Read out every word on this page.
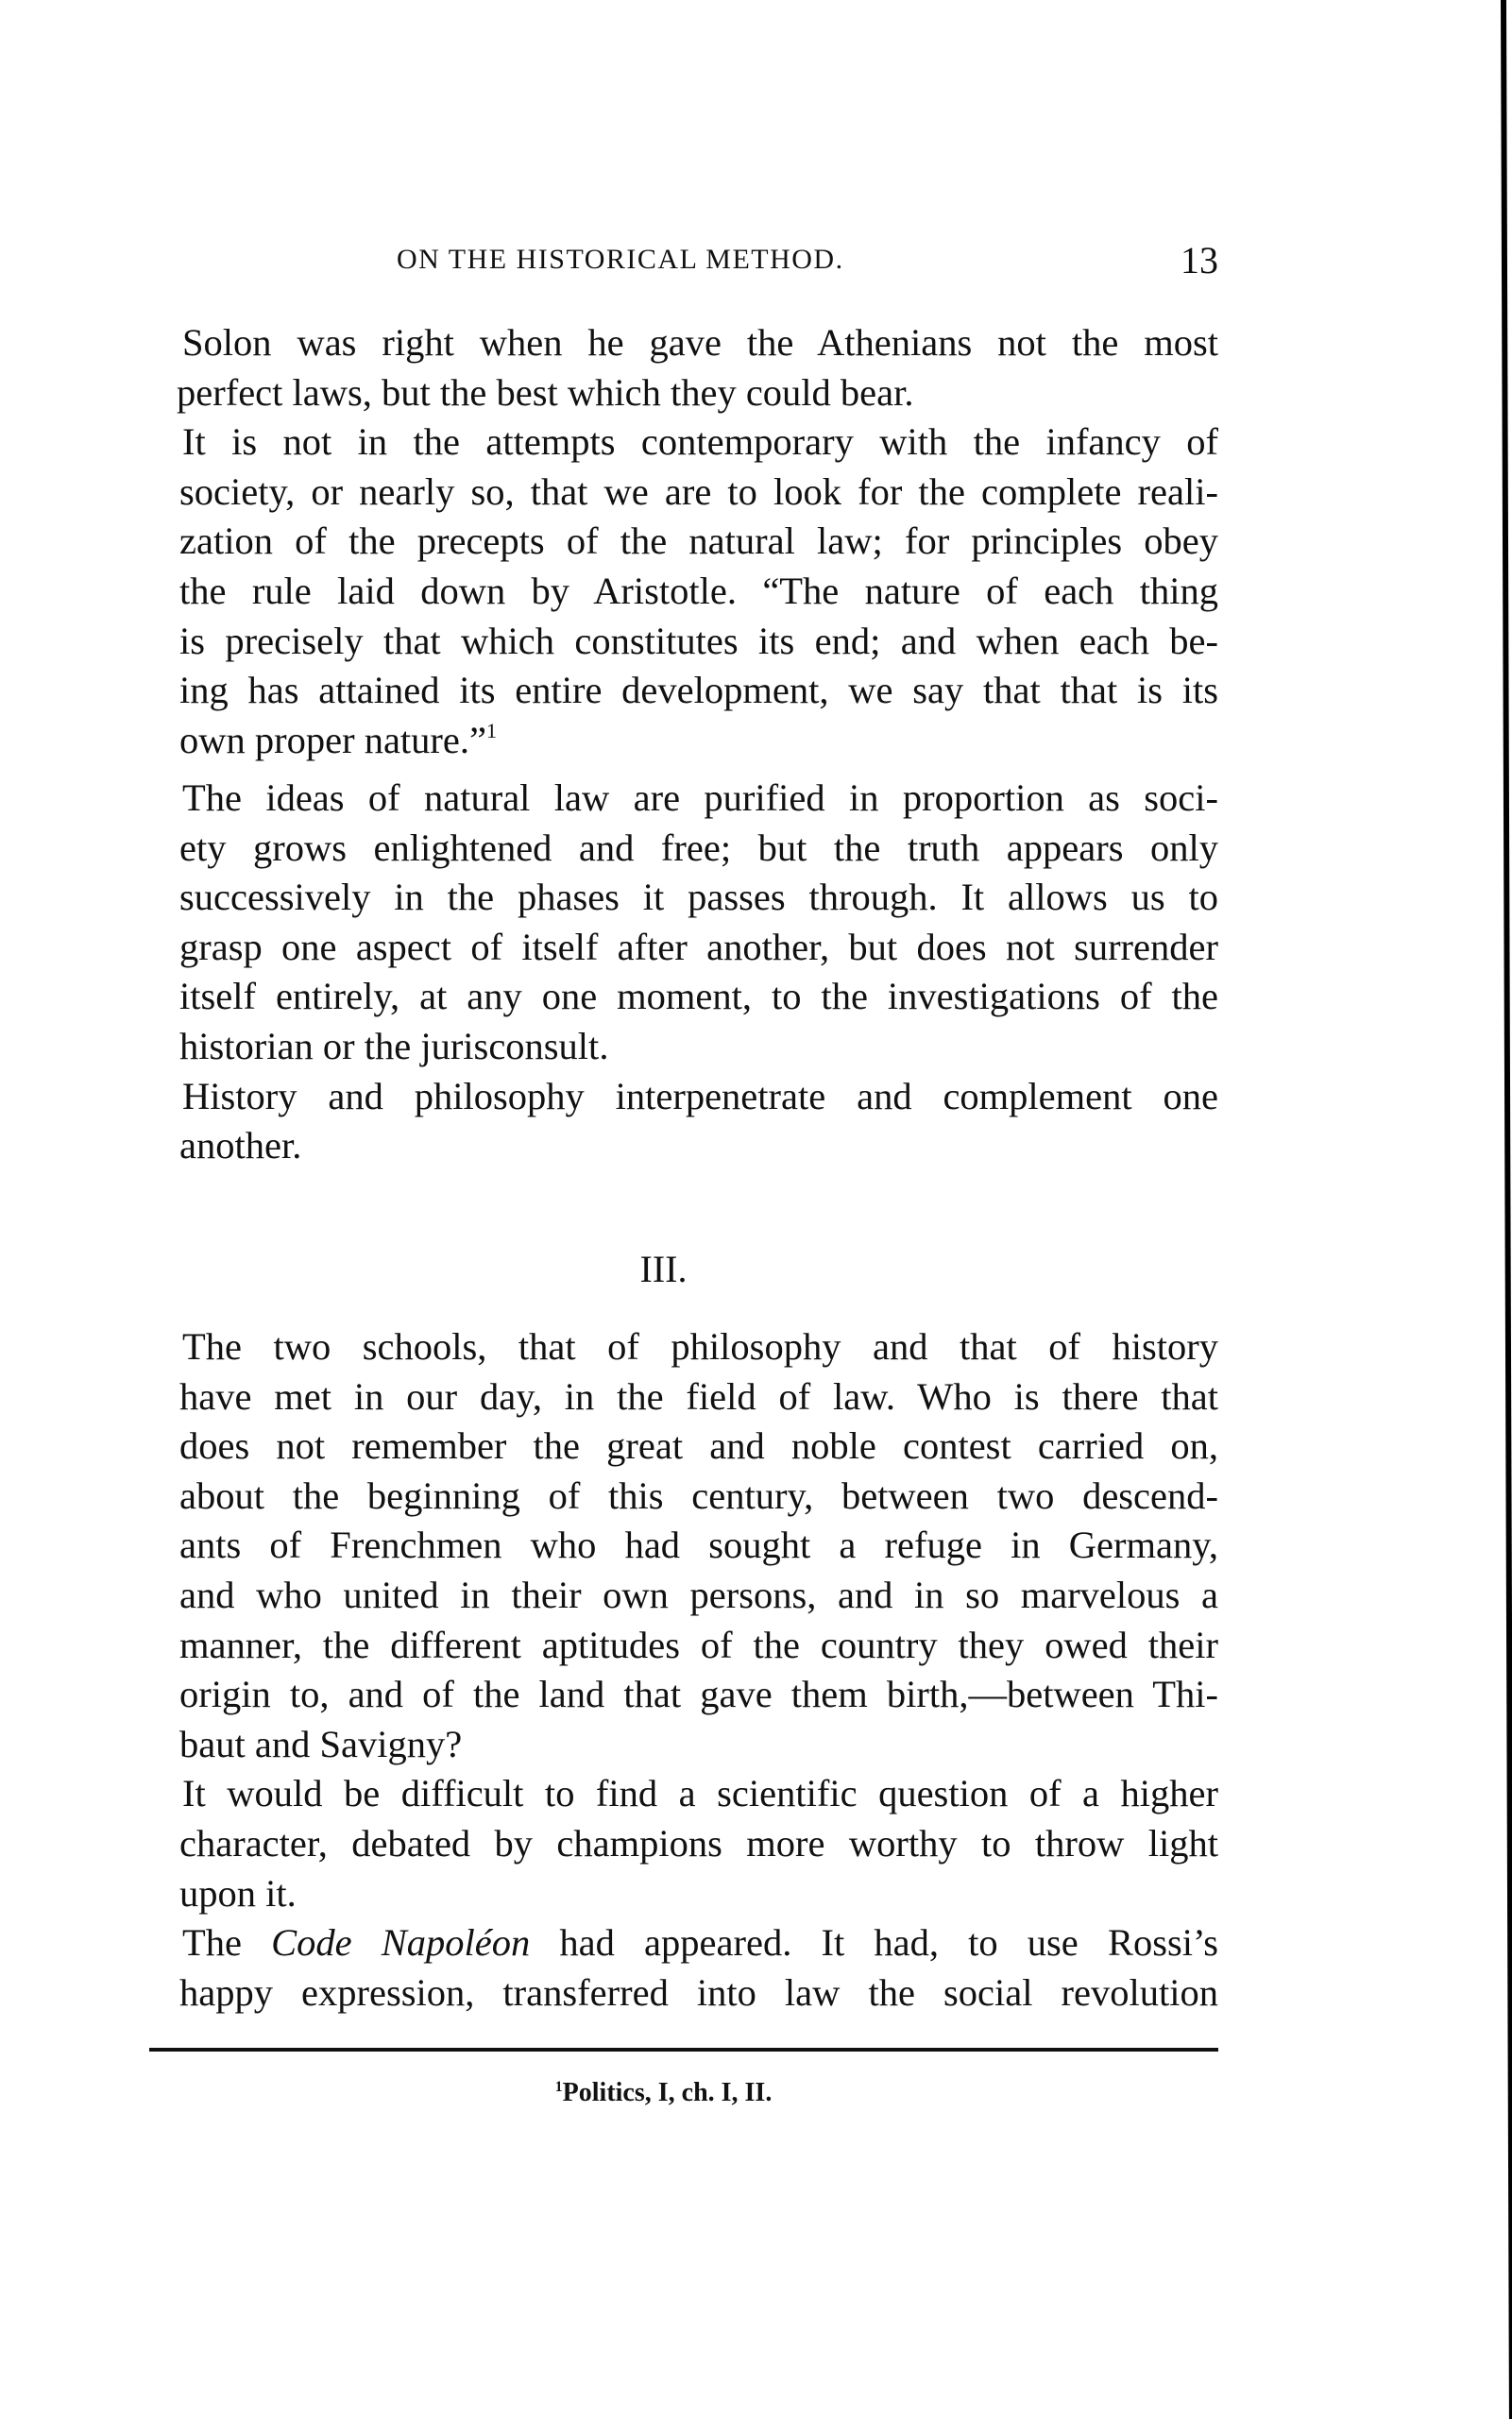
ON THE HISTORICAL METHOD.	13

Solon was right when he gave the Athenians not the most
perfect laws, but the best which they could bear.

It is not in the attempts contemporary with the infancy of
society, or nearly so, that we are to look for the complete reali-
zation of the precepts of the natural law; for principles obey
the rule laid down by Aristotle. “The nature of each thing
is precisely that which constitutes its end; and when each be-
ing has attained its entire development, we say that that is its
own proper nature.”$^1$

The ideas of natural law are purified in proportion as soci-
ety grows enlightened and free; but the truth appears only
successively in the phases it passes through. It allows us to
grasp one aspect of itself after another, but does not surrender
itself entirely, at any one moment, to the investigations of the
historian or the jurisconsult.

History and philosophy interpenetrate and complement one
another.

III.

The two schools, that of philosophy and that of history
have met in our day, in the field of law. Who is there that
does not remember the great and noble contest carried on,
about the beginning of this century, between two descend-
ants of Frenchmen who had sought a refuge in Germany,
and who united in their own persons, and in so marvelous a
manner, the different aptitudes of the country they owed their
origin to, and of the land that gave them birth,—between Thi-
baut and Savigny?

It would be difficult to find a scientific question of a higher
character, debated by champions more worthy to throw light
upon it.

The Code Napoléon had appeared. It had, to use Rossi’s
happy expression, transferred into law the social revolution

$^1$Politics, I, ch. I, II.
